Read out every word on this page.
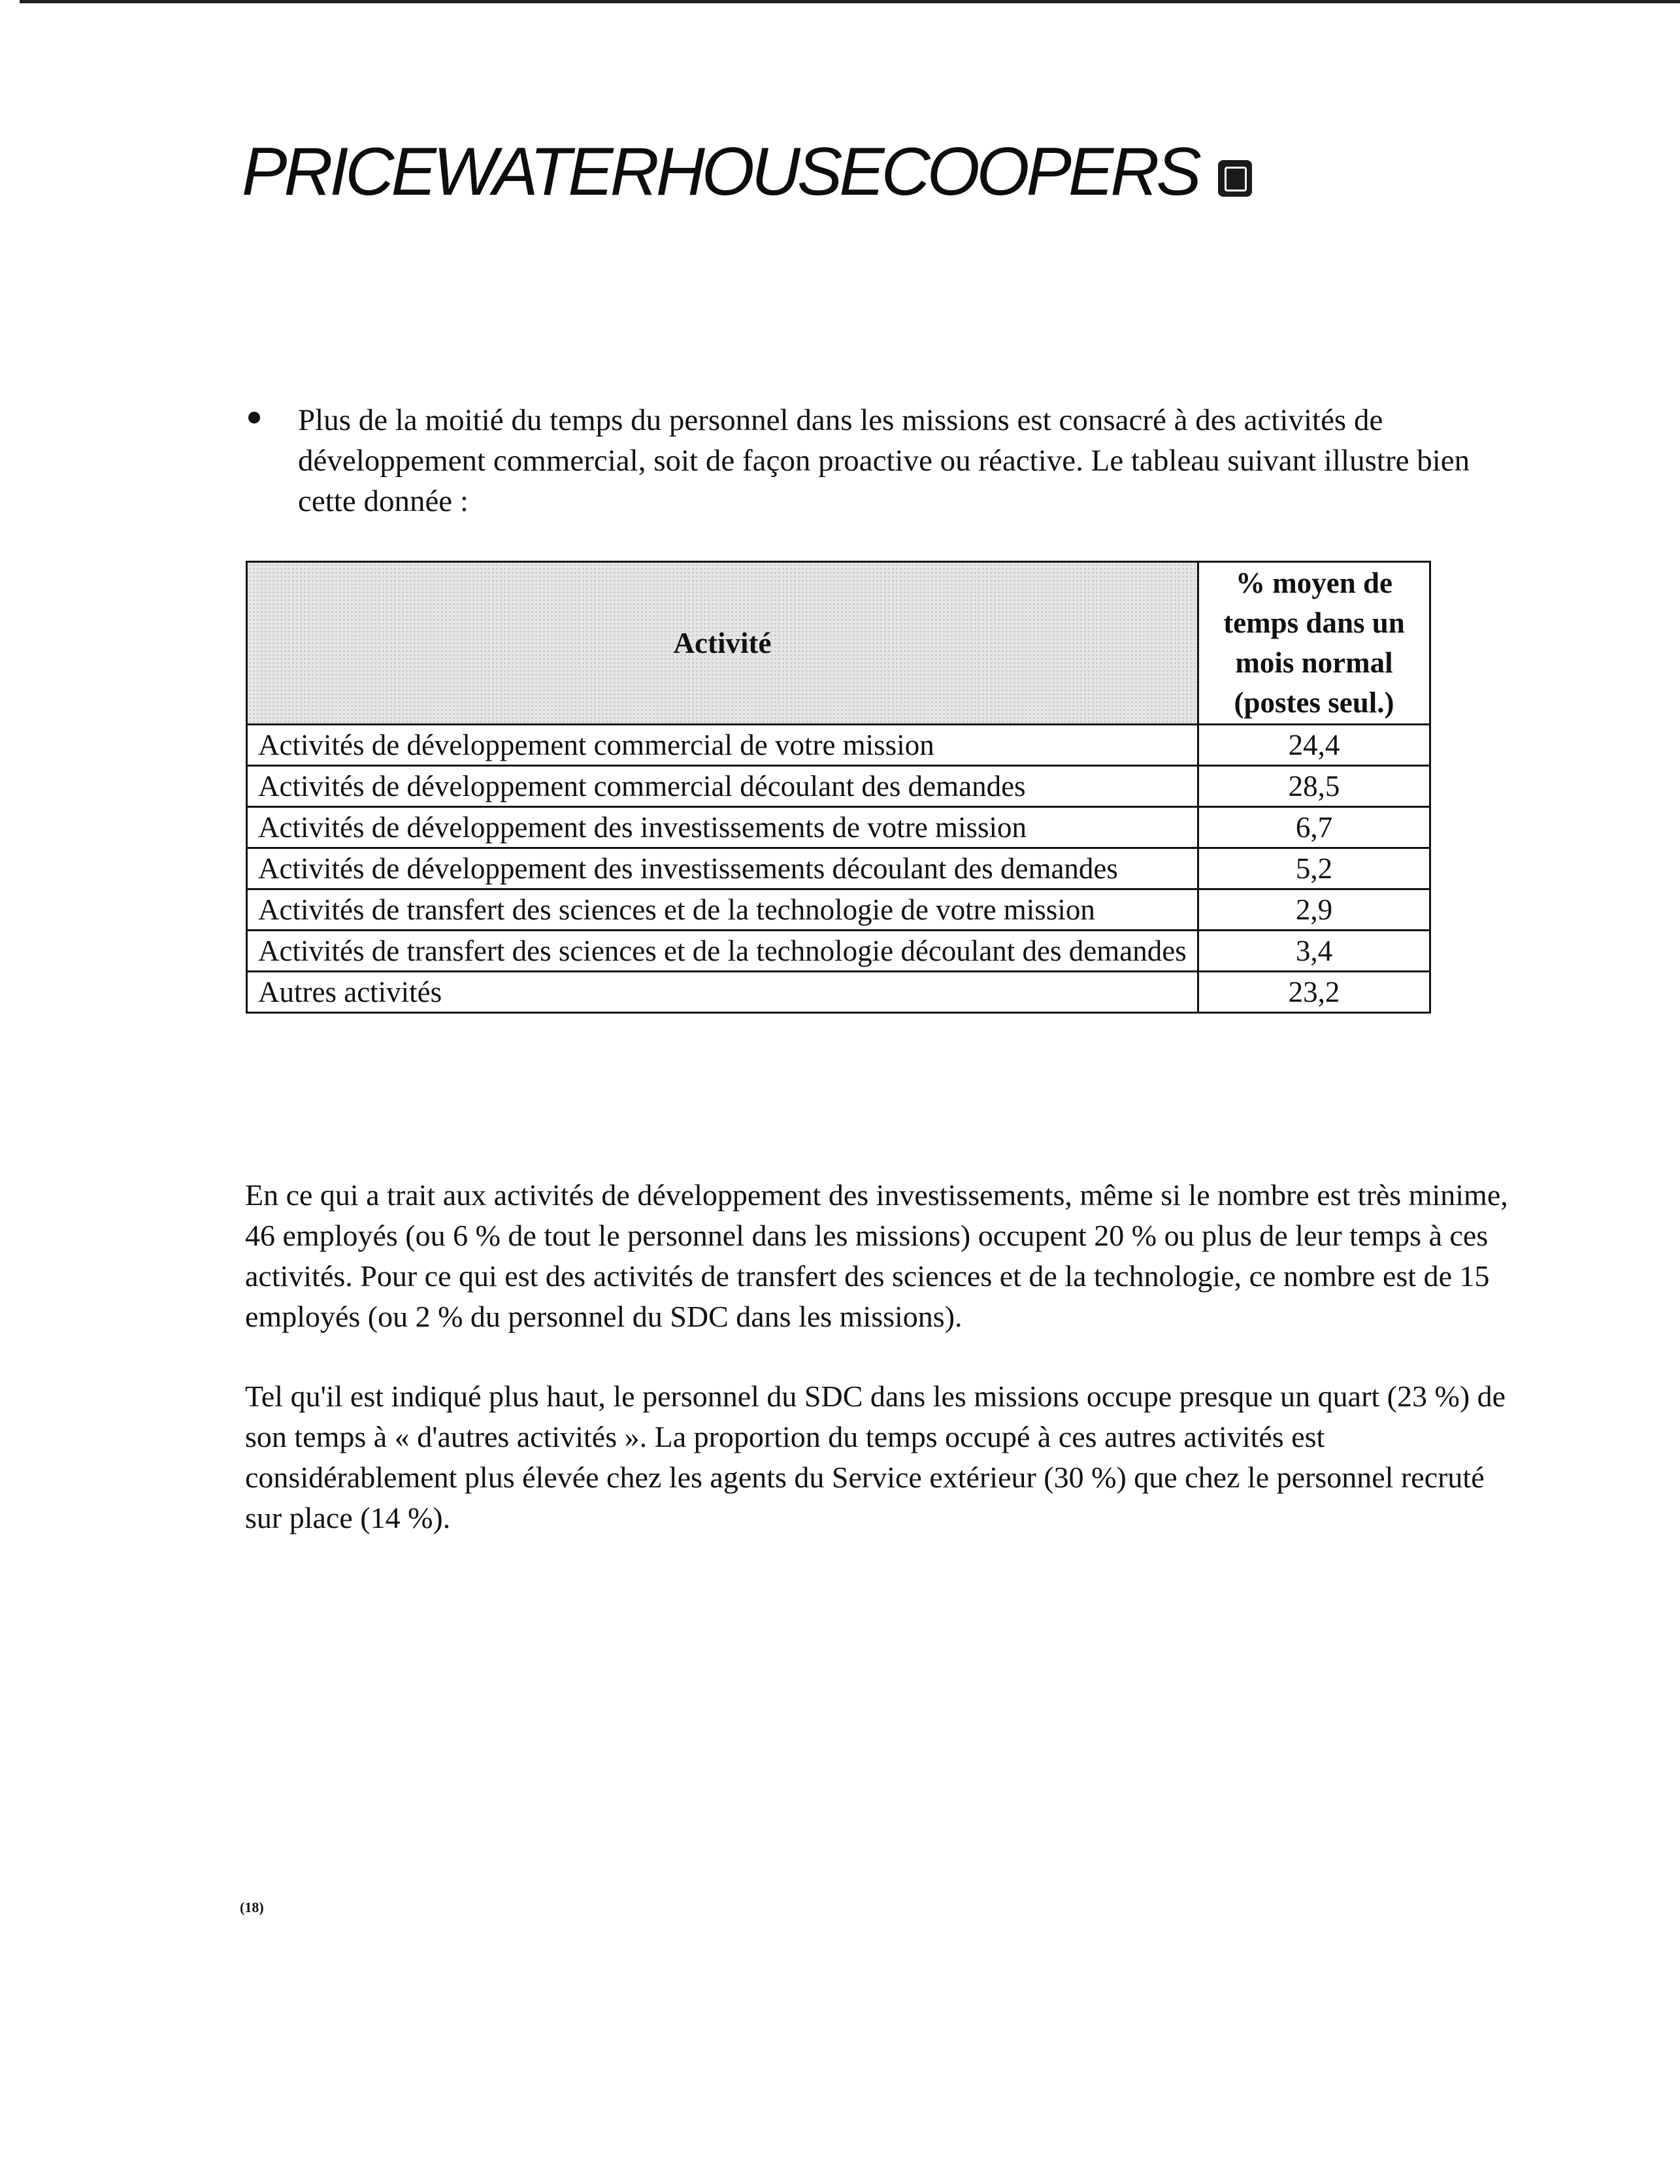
PRICEWATERHOUSECOOPERS
Plus de la moitié du temps du personnel dans les missions est consacré à des activités de développement commercial, soit de façon proactive ou réactive. Le tableau suivant illustre bien cette donnée :
Activité	% moyen de temps dans un mois normal (postes seul.)
Activités de développement commercial de votre mission	24,4
Activités de développement commercial découlant des demandes	28,5
Activités de développement des investissements de votre mission	6,7
Activités de développement des investissements découlant des demandes	5,2
Activités de transfert des sciences et de la technologie de votre mission	2,9
Activités de transfert des sciences et de la technologie découlant des demandes	3,4
Autres activités	23,2
En ce qui a trait aux activités de développement des investissements, même si le nombre est très minime, 46 employés (ou 6 % de tout le personnel dans les missions) occupent 20 % ou plus de leur temps à ces activités. Pour ce qui est des activités de transfert des sciences et de la technologie, ce nombre est de 15 employés (ou 2 % du personnel du SDC dans les missions).
Tel qu'il est indiqué plus haut, le personnel du SDC dans les missions occupe presque un quart (23 %) de son temps à « d'autres activités ». La proportion du temps occupé à ces autres activités est considérablement plus élevée chez les agents du Service extérieur (30 %) que chez le personnel recruté sur place (14 %).
(18)
